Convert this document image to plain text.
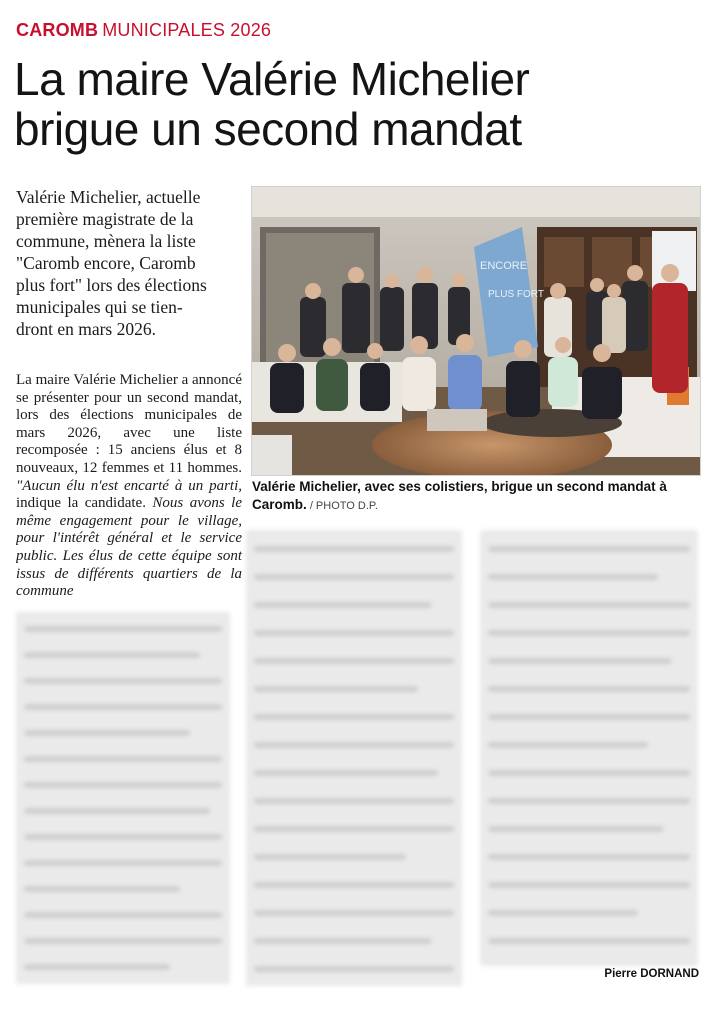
CAROMB MUNICIPALES 2026
La maire Valérie Michelier
brigue un second mandat
Valérie Michelier, actuelle
première magistrate de la
commune, mènera la liste
"Caromb encore, Caromb
plus fort" lors des élections
municipales qui se tien-
dront en mars 2026.
ENCORE
PLUS FORT
Valérie Michelier, avec ses colistiers, brigue un second mandat à Caromb. / PHOTO D.P.

La maire Valérie Michelier a annoncé se présenter pour un second mandat, lors des élections municipales de mars 2026, avec une liste recomposée : 15 anciens élus et 8 nouveaux, 12 femmes et 11 hommes. "Aucun élu n'est encarté à un parti, indique la candidate. Nous avons le même engagement pour le village, pour l'intérêt général et le service public. Les élus de cette équipe sont issus de différents quartiers de la commune

Pierre DORNAND
